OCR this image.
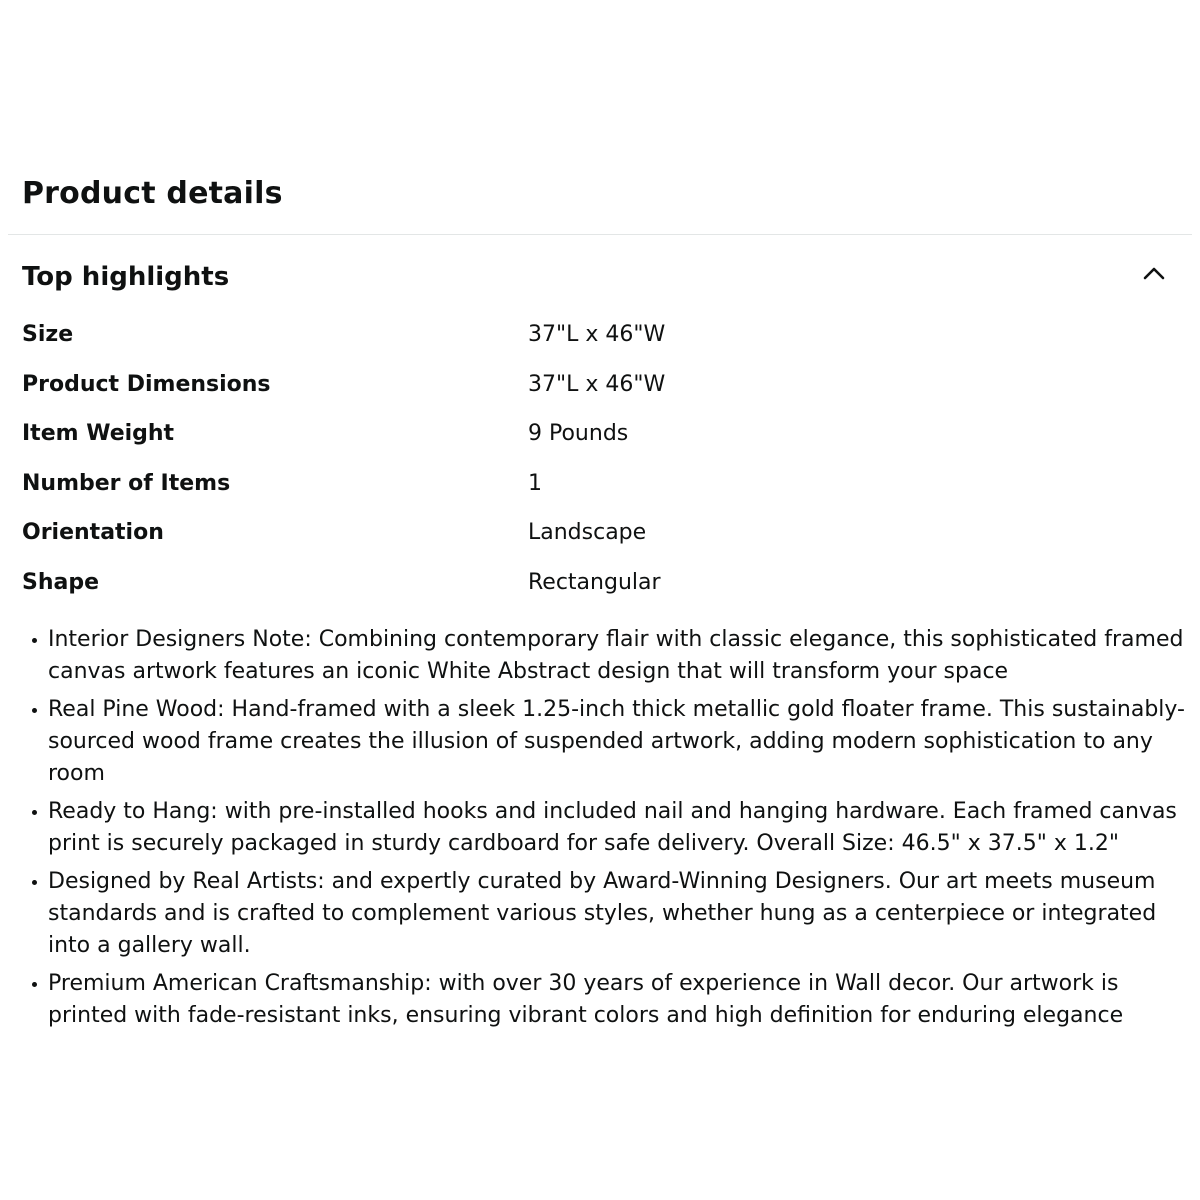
Product details
Top highlights
Size	37"L x 46"W
Product Dimensions	37"L x 46"W
Item Weight	9 Pounds
Number of Items	1
Orientation	Landscape
Shape	Rectangular
Interior Designers Note: Combining contemporary flair with classic elegance, this sophisticated framed canvas artwork features an iconic White Abstract design that will transform your space
Real Pine Wood: Hand-framed with a sleek 1.25-inch thick metallic gold floater frame. This sustainably-sourced wood frame creates the illusion of suspended artwork, adding modern sophistication to any room
Ready to Hang: with pre-installed hooks and included nail and hanging hardware. Each framed canvas print is securely packaged in sturdy cardboard for safe delivery. Overall Size: 46.5" x 37.5" x 1.2"
Designed by Real Artists: and expertly curated by Award-Winning Designers. Our art meets museum standards and is crafted to complement various styles, whether hung as a centerpiece or integrated into a gallery wall.
Premium American Craftsmanship: with over 30 years of experience in Wall decor. Our artwork is printed with fade-resistant inks, ensuring vibrant colors and high definition for enduring elegance
